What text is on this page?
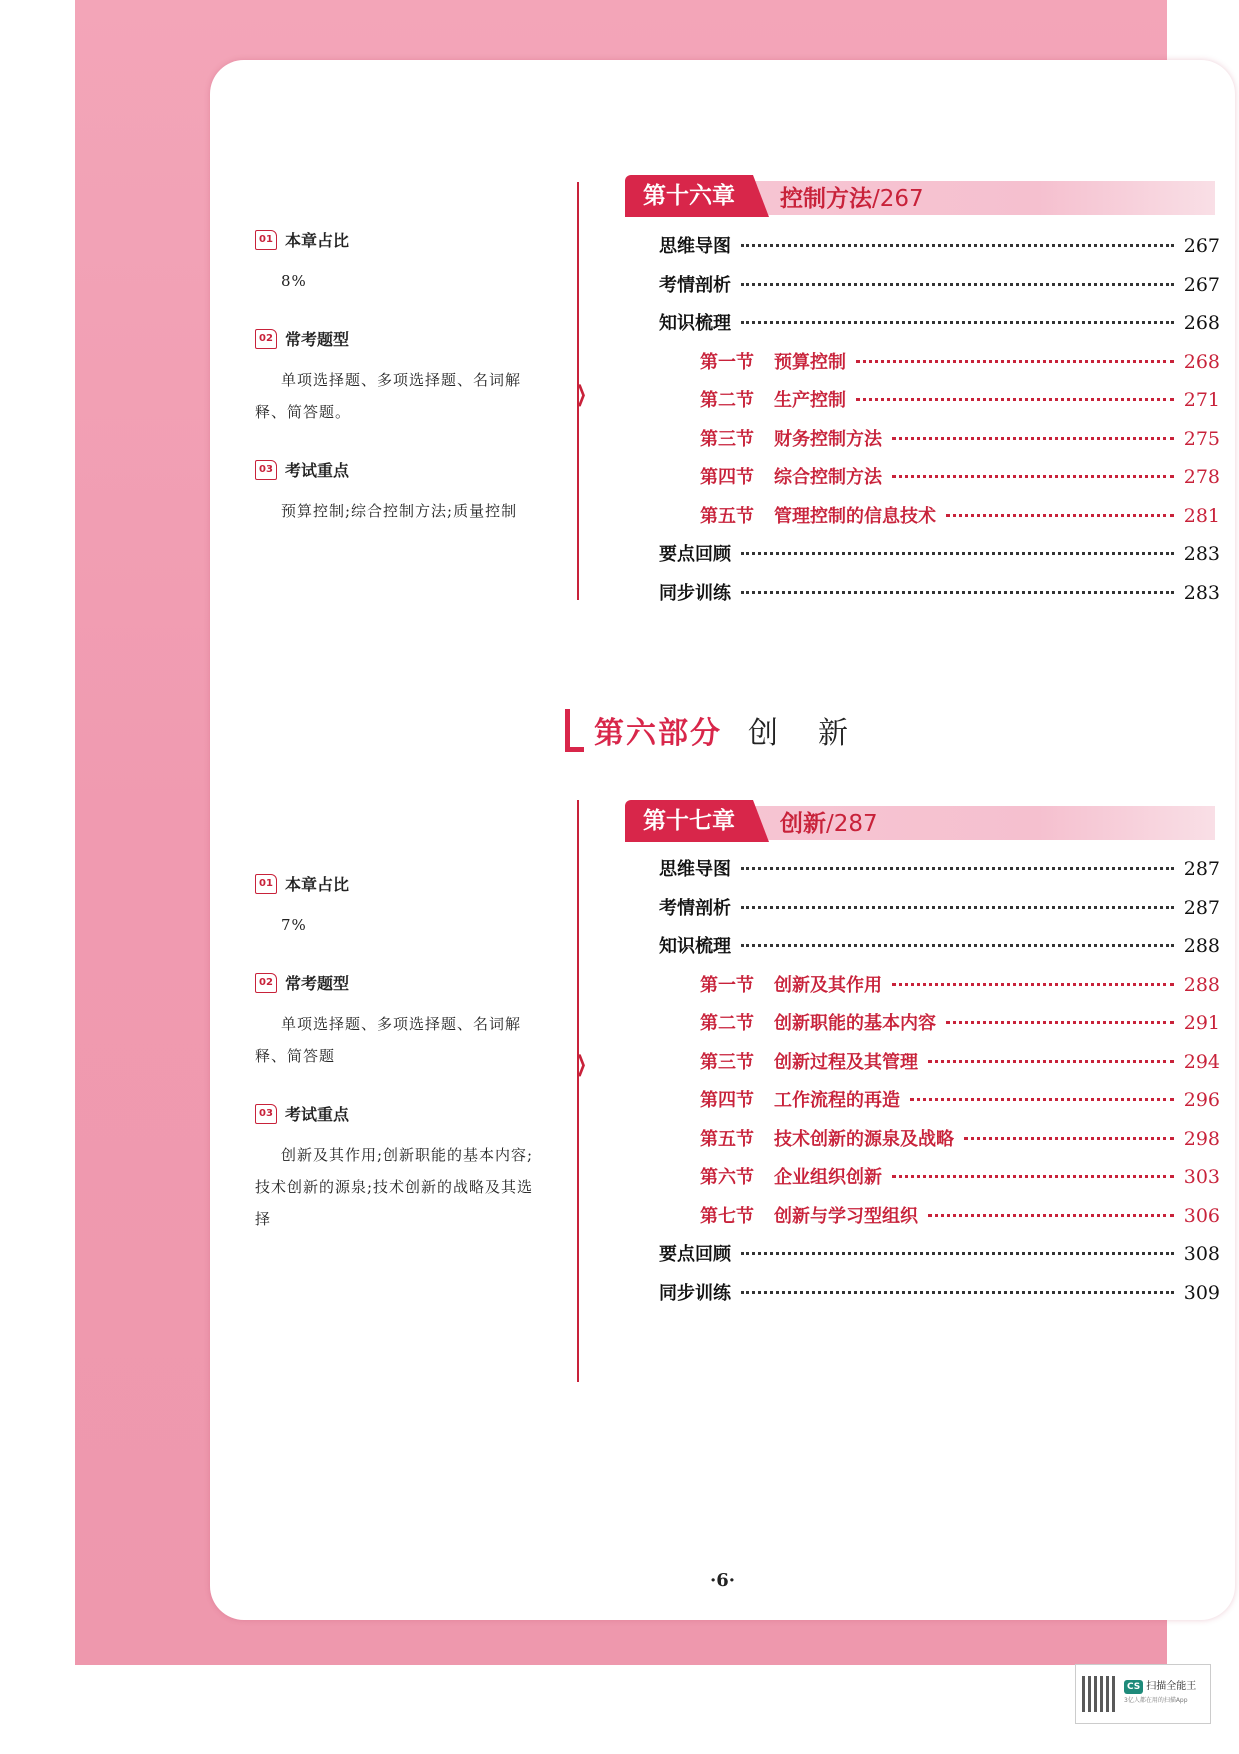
01 本章占比
8%
02 常考题型
单项选择题、多项选择题、名词解释、简答题。
03 考试重点
预算控制;综合控制方法;质量控制
❯
第十六章	控制方法/267
思维导图	267
考情剖析	267
知识梳理	268
第一节 预算控制	268
第二节 生产控制	271
第三节 财务控制方法	275
第四节 综合控制方法	278
第五节 管理控制的信息技术	281
要点回顾	283
同步训练	283
第六部分 创新
01 本章占比
7%
02 常考题型
单项选择题、多项选择题、名词解释、简答题
03 考试重点
创新及其作用;创新职能的基本内容;技术创新的源泉;技术创新的战略及其选择
❯
第十七章	创新/287
思维导图	287
考情剖析	287
知识梳理	288
第一节 创新及其作用	288
第二节 创新职能的基本内容	291
第三节 创新过程及其管理	294
第四节 工作流程的再造	296
第五节 技术创新的源泉及战略	298
第六节 企业组织创新	303
第七节 创新与学习型组织	306
要点回顾	308
同步训练	309
·6·
CS 扫描全能王
3亿人都在用的扫描App
